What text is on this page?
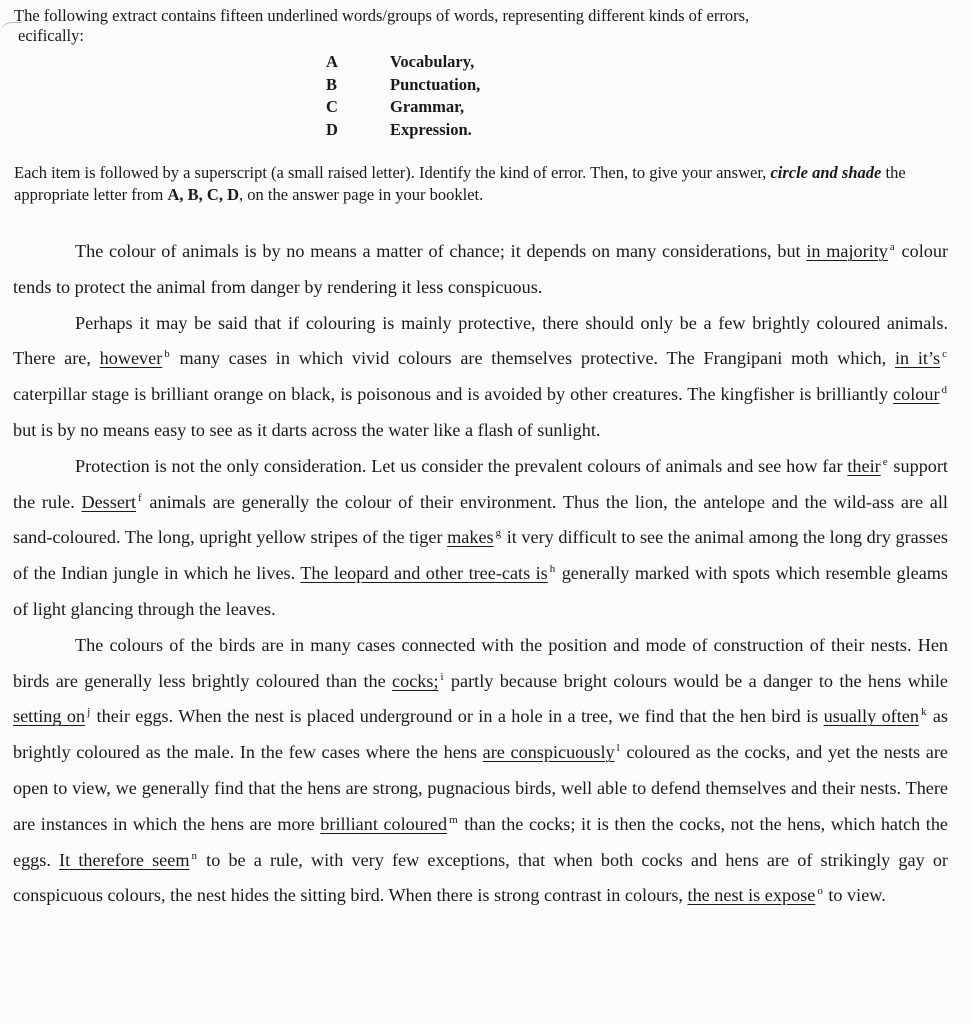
The following extract contains fifteen underlined words/groups of words, representing different kinds of errors,
ecifically:
A	Vocabulary,
B	Punctuation,
C	Grammar,
D	Expression.
Each item is followed by a superscript (a small raised letter). Identify the kind of error. Then, to give your answer, circle and shade the appropriate letter from A, B, C, D, on the answer page in your booklet.

The colour of animals is by no means a matter of chance; it depends on many considerations, but in majority $^a$ colour tends to protect the animal from danger by rendering it less conspicuous.

Perhaps it may be said that if colouring is mainly protective, there should only be a few brightly coloured animals. There are, however $^b$ many cases in which vivid colours are themselves protective. The Frangipani moth which, in it’s $^c$ caterpillar stage is brilliant orange on black, is poisonous and is avoided by other creatures. The kingfisher is brilliantly colour $^d$ but is by no means easy to see as it darts across the water like a flash of sunlight.

Protection is not the only consideration. Let us consider the prevalent colours of animals and see how far their $^e$ support the rule. Dessert $^f$ animals are generally the colour of their environment. Thus the lion, the antelope and the wild-ass are all sand-coloured. The long, upright yellow stripes of the tiger makes $^g$ it very difficult to see the animal among the long dry grasses of the Indian jungle in which he lives. The leopard and other tree-cats is $^h$ generally marked with spots which resemble gleams of light glancing through the leaves.

The colours of the birds are in many cases connected with the position and mode of construction of their nests. Hen birds are generally less brightly coloured than the cocks; $^i$ partly because bright colours would be a danger to the hens while setting on $^j$ their eggs. When the nest is placed underground or in a hole in a tree, we find that the hen bird is usually often $^k$ as brightly coloured as the male. In the few cases where the hens are conspicuously $^l$ coloured as the cocks, and yet the nests are open to view, we generally find that the hens are strong, pugnacious birds, well able to defend themselves and their nests. There are instances in which the hens are more brilliant coloured $^m$ than the cocks; it is then the cocks, not the hens, which hatch the eggs. It therefore seem $^n$ to be a rule, with very few exceptions, that when both cocks and hens are of strikingly gay or conspicuous colours, the nest hides the sitting bird. When there is strong contrast in colours, the nest is expose $^o$ to view.
